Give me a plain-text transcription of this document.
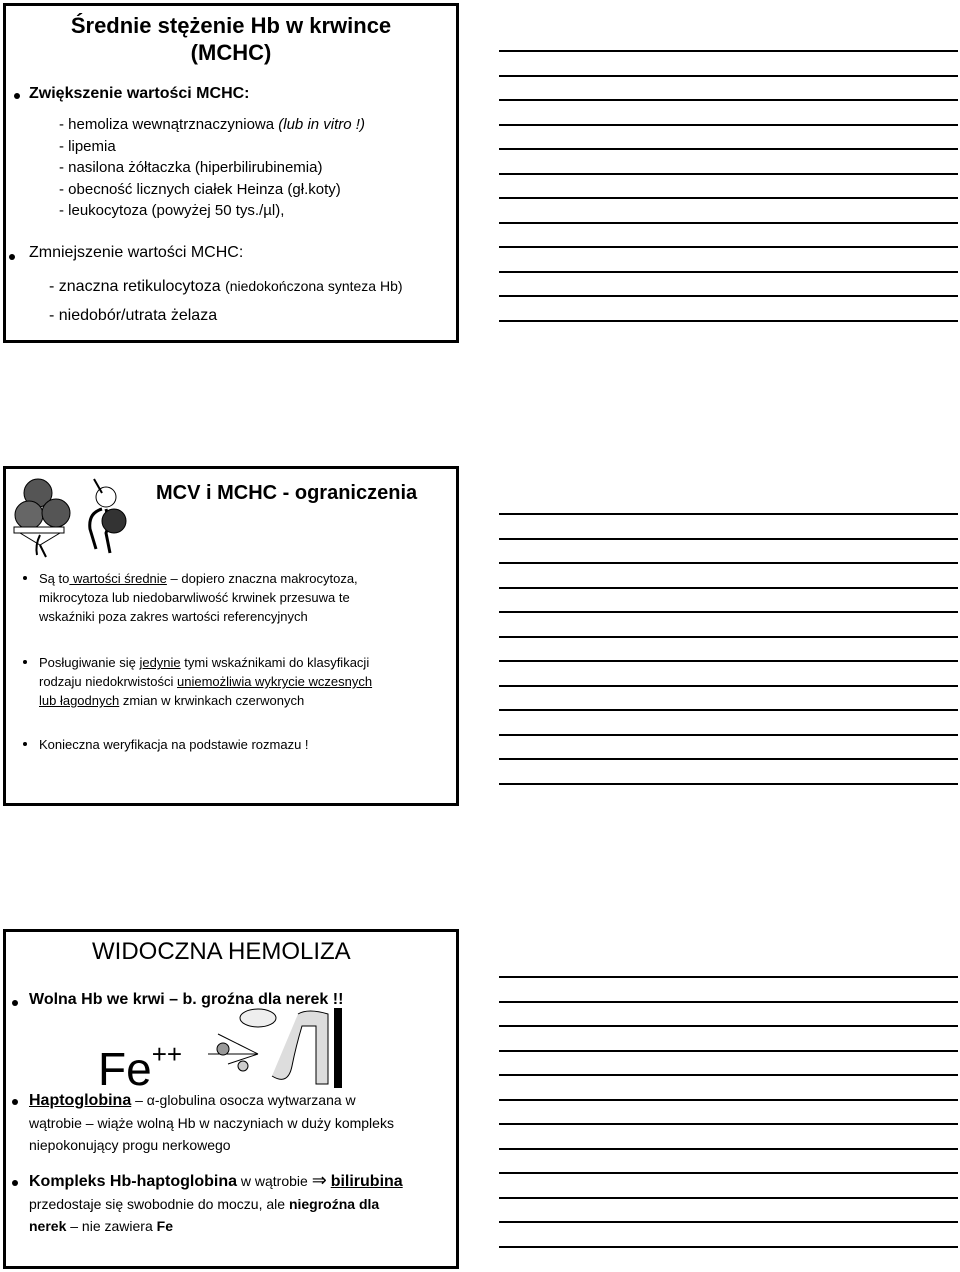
Średnie stężenie Hb w krwince
(MCHC)
Zwiększenie wartości MCHC:
- hemoliza wewnątrznaczyniowa (lub in vitro !)
- lipemia
- nasilona żółtaczka (hiperbilirubinemia)
- obecność licznych ciałek Heinza (gł.koty)
- leukocytoza (powyżej 50 tys./µl),
Zmniejszenie wartości MCHC:
- znaczna retikulocytoza (niedokończona synteza Hb)
- niedobór/utrata żelaza
MCV i MCHC - ograniczenia
Są to wartości średnie – dopiero znaczna makrocytoza,
mikrocytoza lub niedobarwliwość krwinek przesuwa te
wskaźniki poza zakres wartości referencyjnych
Posługiwanie się jedynie tymi wskaźnikami do klasyfikacji
rodzaju niedokrwistości uniemożliwia wykrycie wczesnych
lub łagodnych zmian w krwinkach czerwonych
Konieczna weryfikacja na podstawie rozmazu !
WIDOCZNA HEMOLIZA
Wolna Hb we krwi – b. groźna dla nerek !!
Fe++
Haptoglobina – α-globulina osocza wytwarzana w
wątrobie – wiąże wolną Hb w naczyniach w duży kompleks
niepokonujący progu nerkowego
Kompleks Hb-haptoglobina w wątrobie ⇒ bilirubina
przedostaje się swobodnie do moczu, ale niegroźna dla
nerek – nie zawiera Fe
